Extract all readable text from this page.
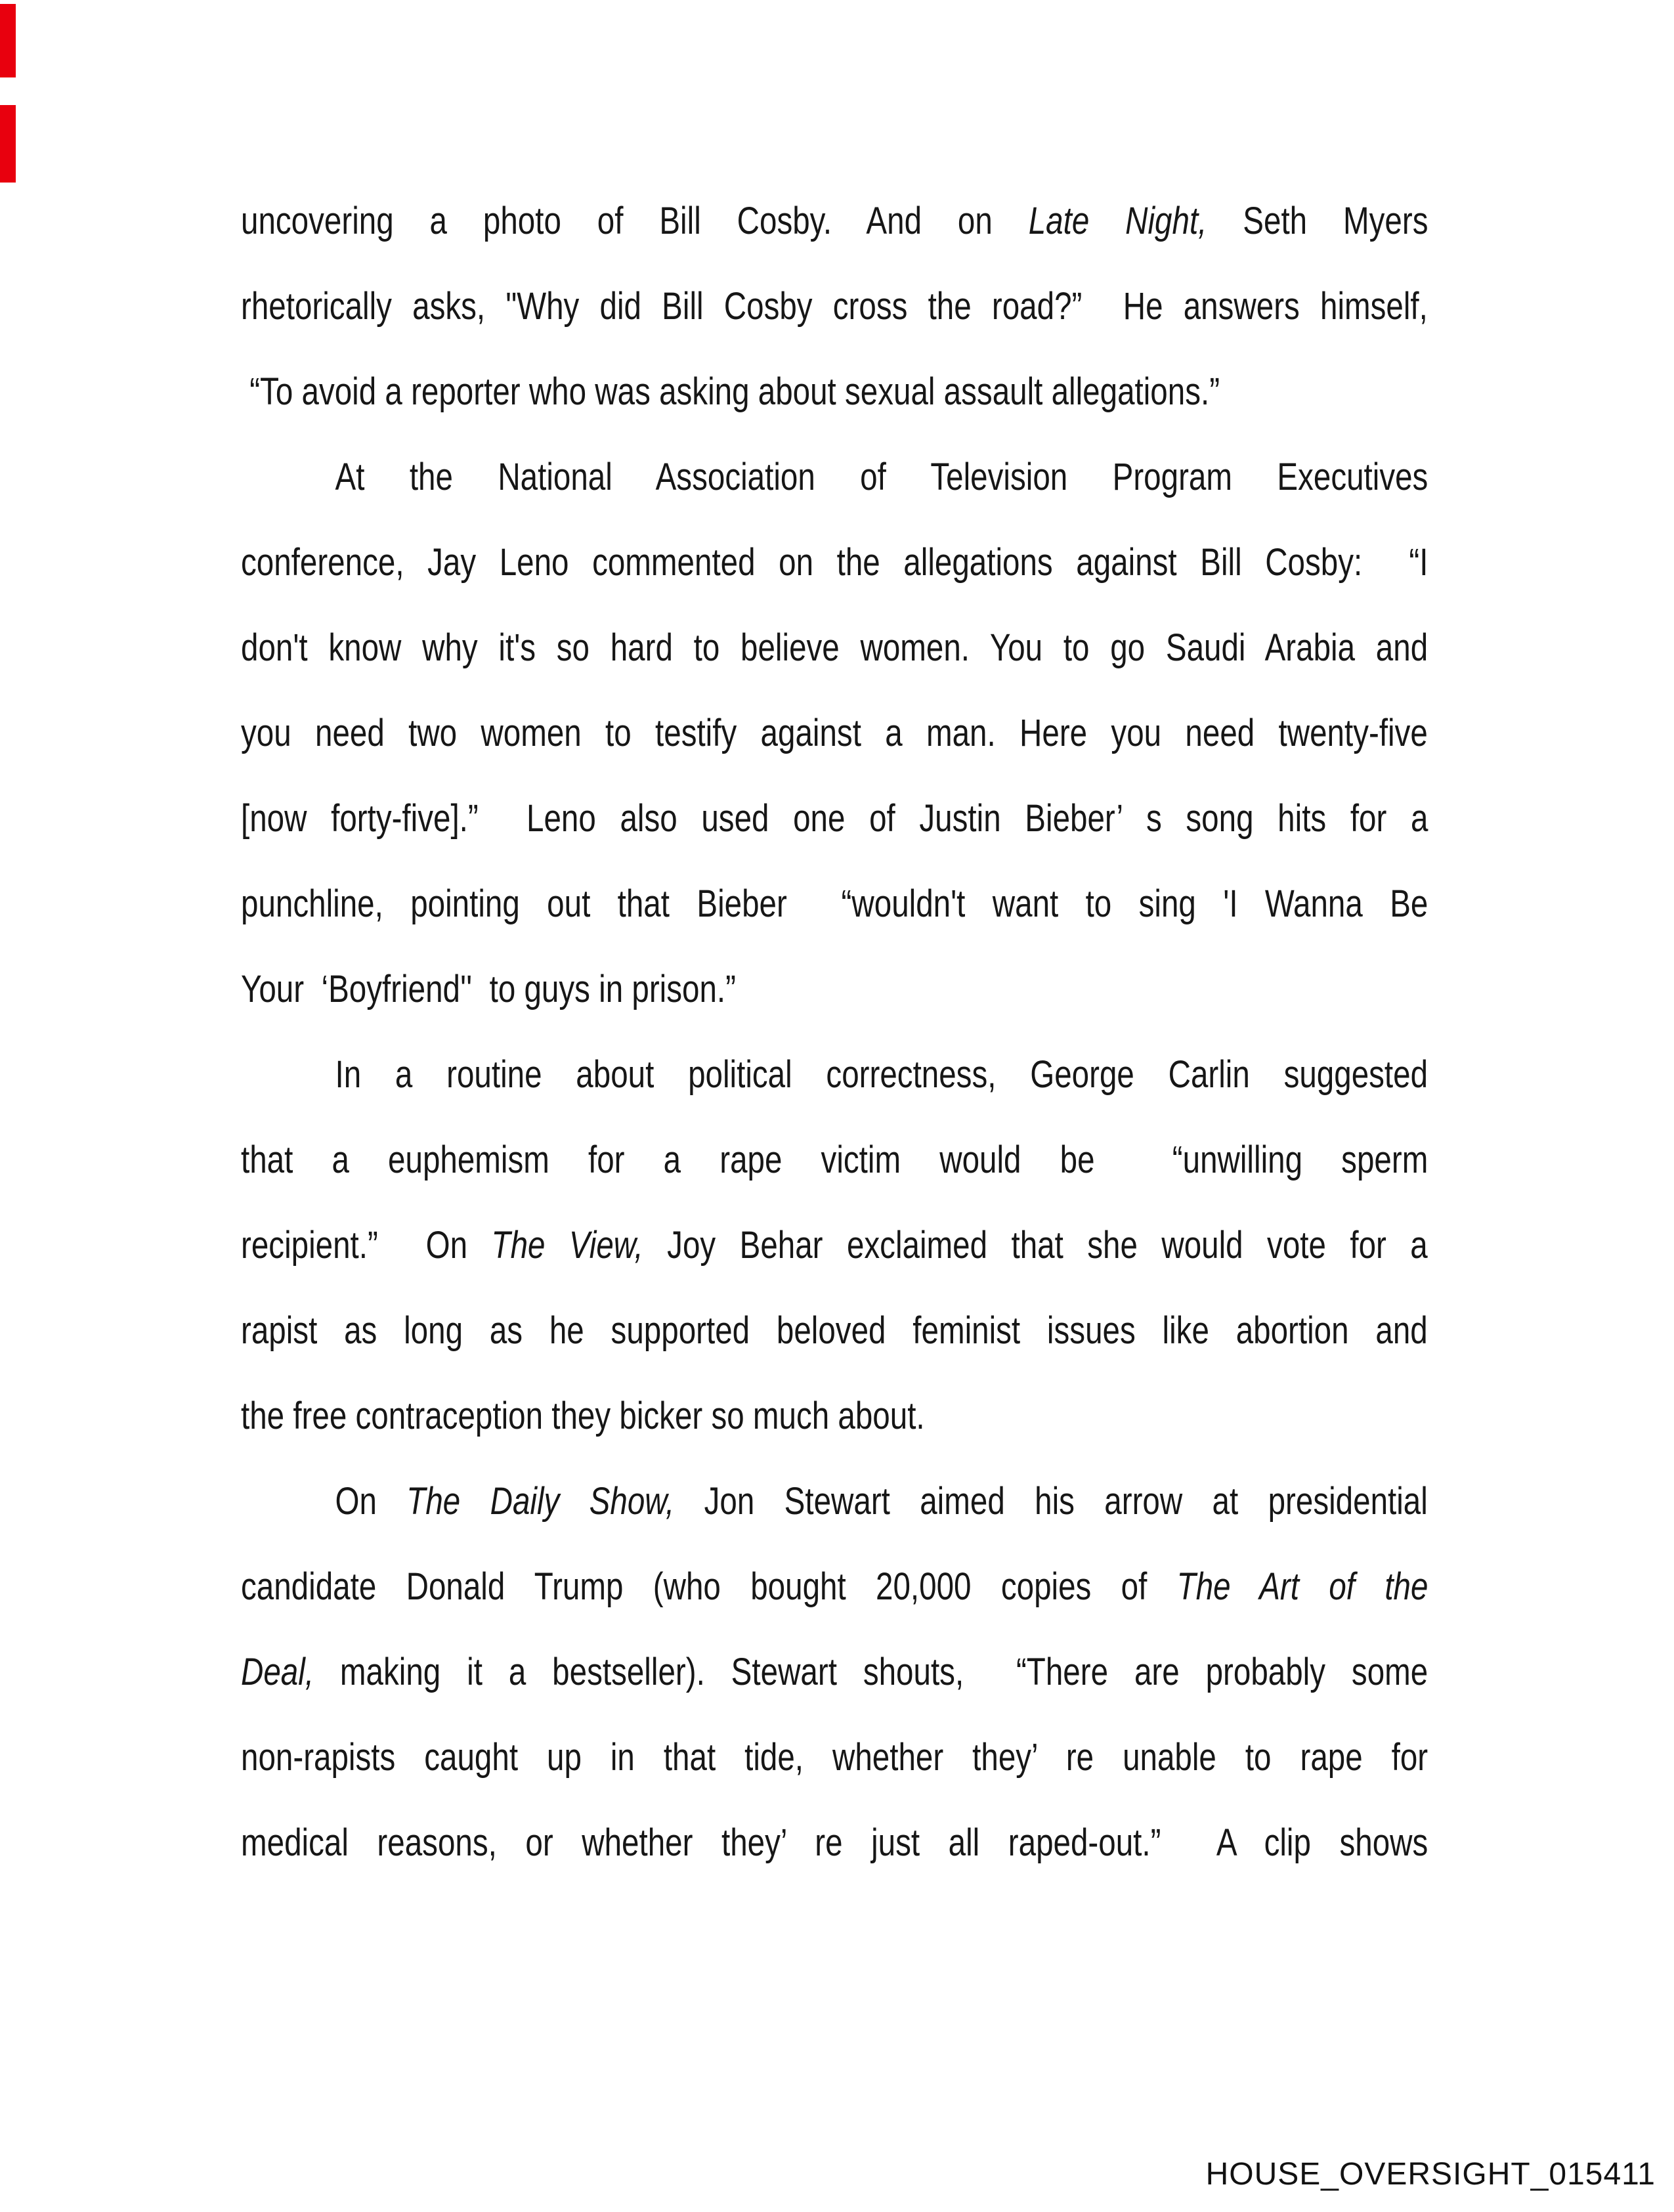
uncovering a photo of Bill Cosby. And on Late Night, Seth Myers
rhetorically asks, "Why did Bill Cosby cross the road?”  He answers himself,
“To avoid a reporter who was asking about sexual assault allegations.”
At the National Association of Television Program Executives
conference, Jay Leno commented on the allegations against Bill Cosby:  “I
don't know why it's so hard to believe women. You to go Saudi Arabia and
you need two women to testify against a man. Here you need twenty-five
[now forty-five].”  Leno also used one of Justin Bieber’ s song hits for a
punchline, pointing out that Bieber  “wouldn't want to sing 'I Wanna Be
Your  ‘Boyfriend''  to guys in prison.”
In a routine about political correctness, George Carlin suggested
that a euphemism for a rape victim would be  “unwilling sperm
recipient.”  On The View, Joy Behar exclaimed that she would vote for a
rapist as long as he supported beloved feminist issues like abortion and
the free contraception they bicker so much about.
On The Daily Show, Jon Stewart aimed his arrow at presidential
candidate Donald Trump (who bought 20,000 copies of The Art of the
Deal, making it a bestseller). Stewart shouts,  “There are probably some
non-rapists caught up in that tide, whether they’ re unable to rape for
medical reasons, or whether they’ re just all raped-out.”  A clip shows
HOUSE_OVERSIGHT_015411
